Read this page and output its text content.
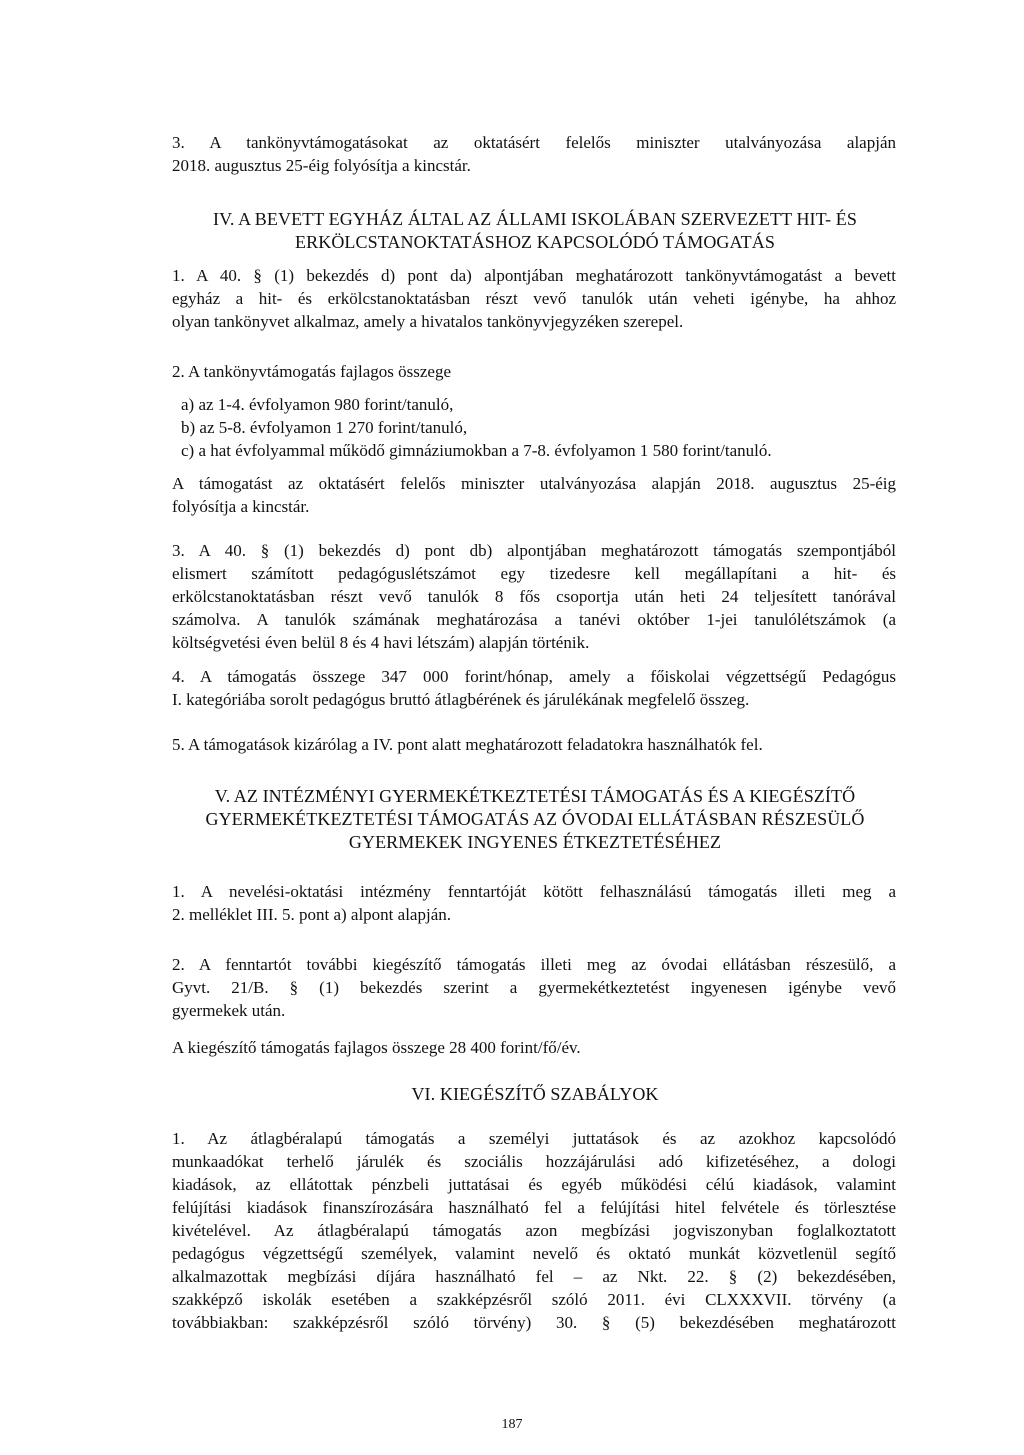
3. A tankönyvtámogatásokat az oktatásért felelős miniszter utalványozása alapján
2018. augusztus 25-éig folyósítja a kincstár.
IV. A BEVETT EGYHÁZ ÁLTAL AZ ÁLLAMI ISKOLÁBAN SZERVEZETT HIT- ÉS
ERKÖLCSTANOKTATÁSHOZ KAPCSOLÓDÓ TÁMOGATÁS
1. A 40. § (1) bekezdés d) pont da) alpontjában meghatározott tankönyvtámogatást a bevett
egyház a hit- és erkölcstanoktatásban részt vevő tanulók után veheti igénybe, ha ahhoz
olyan tankönyvet alkalmaz, amely a hivatalos tankönyvjegyzéken szerepel.
2. A tankönyvtámogatás fajlagos összege
a) az 1-4. évfolyamon 980 forint/tanuló,
b) az 5-8. évfolyamon 1 270 forint/tanuló,
c) a hat évfolyammal működő gimnáziumokban a 7-8. évfolyamon 1 580 forint/tanuló.
A támogatást az oktatásért felelős miniszter utalványozása alapján 2018. augusztus 25-éig
folyósítja a kincstár.
3. A 40. § (1) bekezdés d) pont db) alpontjában meghatározott támogatás szempontjából
elismert számított pedagóguslétszámot egy tizedesre kell megállapítani a hit- és
erkölcstanoktatásban részt vevő tanulók 8 fős csoportja után heti 24 teljesített tanórával
számolva. A tanulók számának meghatározása a tanévi október 1-jei tanulólétszámok (a
költségvetési éven belül 8 és 4 havi létszám) alapján történik.
4. A támogatás összege 347 000 forint/hónap, amely a főiskolai végzettségű Pedagógus
I. kategóriába sorolt pedagógus bruttó átlagbérének és járulékának megfelelő összeg.
5. A támogatások kizárólag a IV. pont alatt meghatározott feladatokra használhatók fel.
V. AZ INTÉZMÉNYI GYERMEKÉTKEZTETÉSI TÁMOGATÁS ÉS A KIEGÉSZÍTŐ
GYERMEKÉTKEZTETÉSI TÁMOGATÁS AZ ÓVODAI ELLÁTÁSBAN RÉSZESÜLŐ
GYERMEKEK INGYENES ÉTKEZTETÉSÉHEZ
1. A nevelési-oktatási intézmény fenntartóját kötött felhasználású támogatás illeti meg a
2. melléklet III. 5. pont a) alpont alapján.
2. A fenntartót további kiegészítő támogatás illeti meg az óvodai ellátásban részesülő, a
Gyvt. 21/B. § (1) bekezdés szerint a gyermekétkeztetést ingyenesen igénybe vevő
gyermekek után.
A kiegészítő támogatás fajlagos összege 28 400 forint/fő/év.
VI. KIEGÉSZÍTŐ SZABÁLYOK
1. Az átlagbéralapú támogatás a személyi juttatások és az azokhoz kapcsolódó
munkaadókat terhelő járulék és szociális hozzájárulási adó kifizetéséhez, a dologi
kiadások, az ellátottak pénzbeli juttatásai és egyéb működési célú kiadások, valamint
felújítási kiadások finanszírozására használható fel a felújítási hitel felvétele és törlesztése
kivételével. Az átlagbéralapú támogatás azon megbízási jogviszonyban foglalkoztatott
pedagógus végzettségű személyek, valamint nevelő és oktató munkát közvetlenül segítő
alkalmazottak megbízási díjára használható fel – az Nkt. 22. § (2) bekezdésében,
szakképző iskolák esetében a szakképzésről szóló 2011. évi CLXXXVII. törvény (a
továbbiakban: szakképzésről szóló törvény) 30. § (5) bekezdésében meghatározott
187
